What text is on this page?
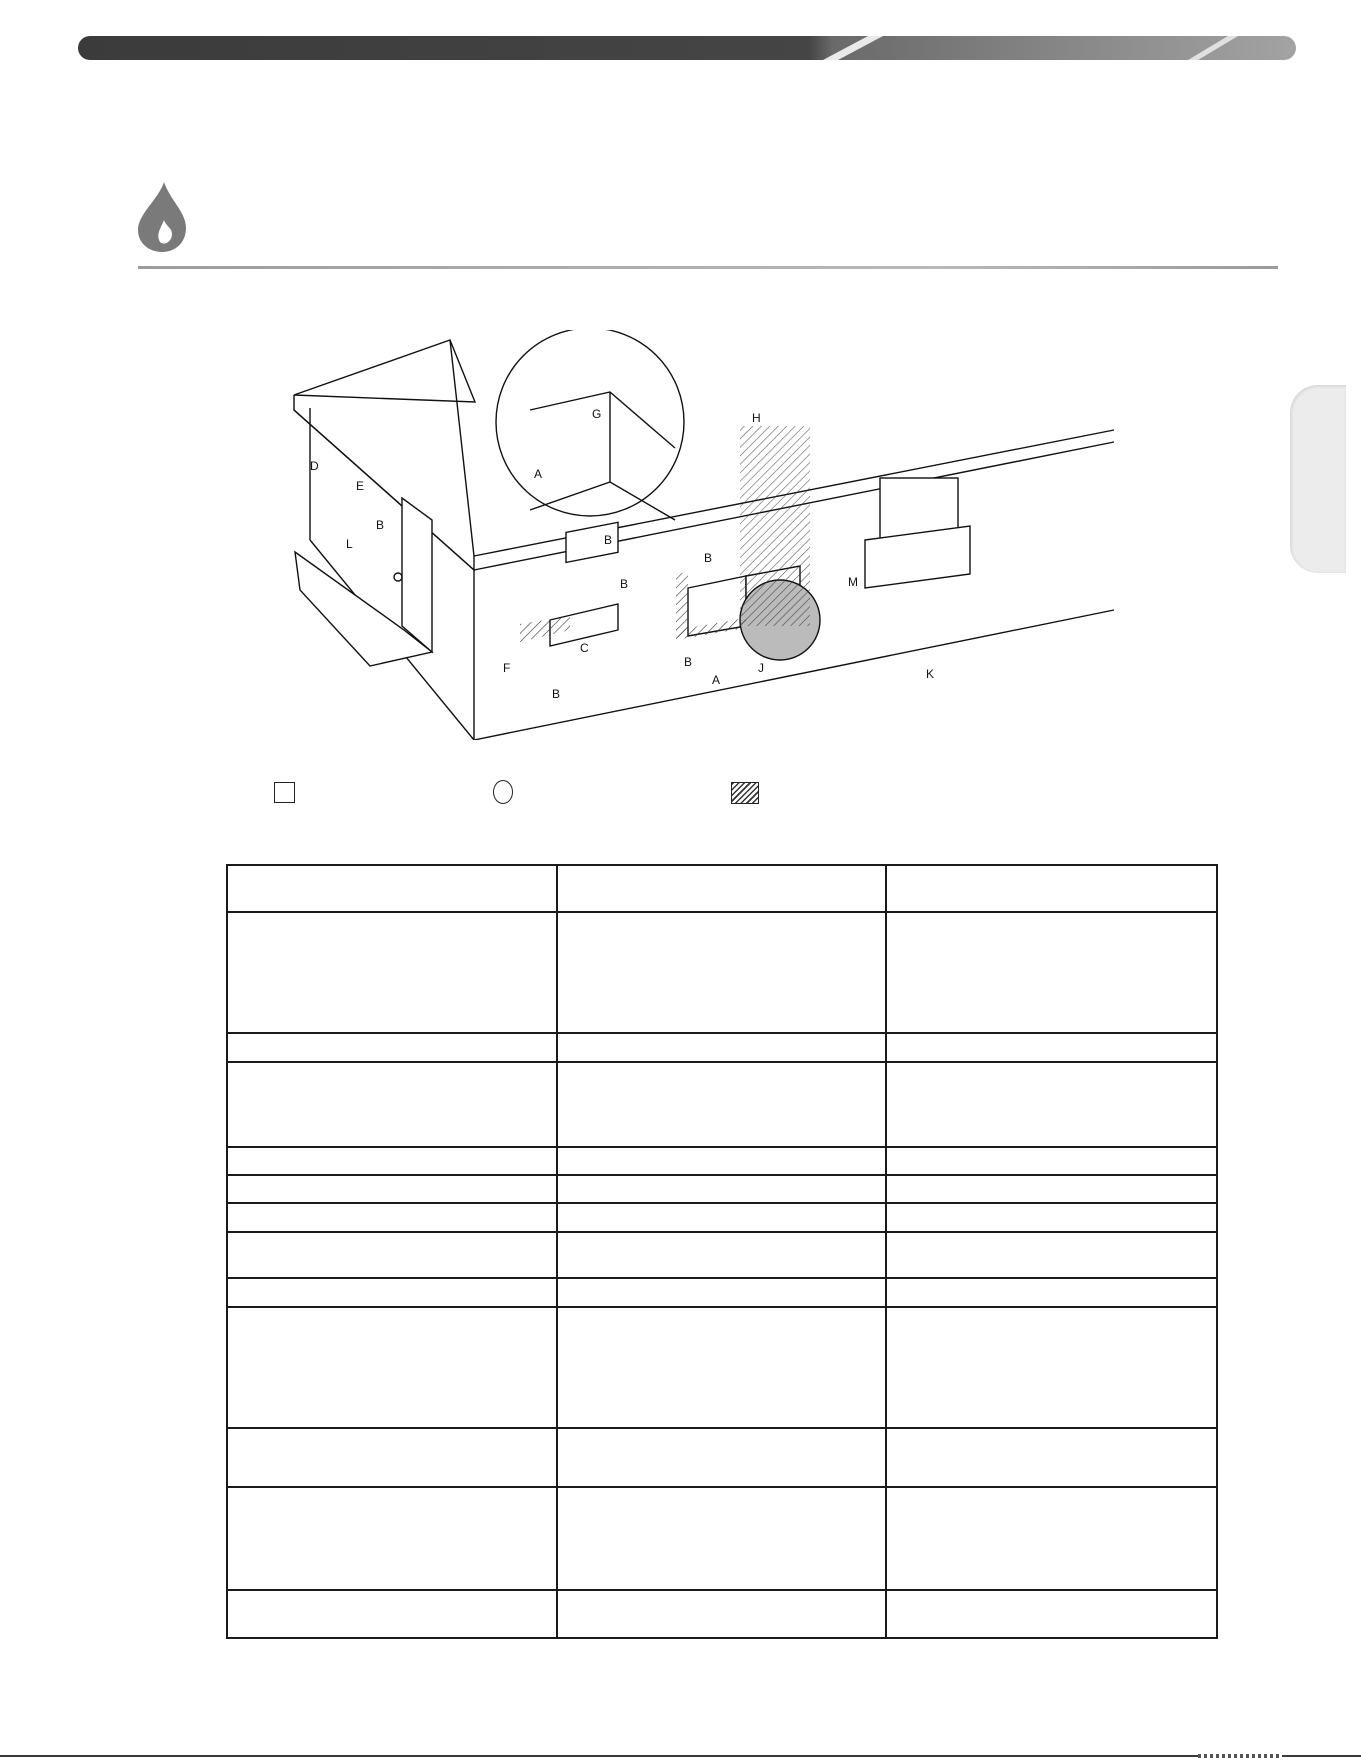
D
E
B
L
G
A
H
C
B
B
B
F
B
B
A
J
M
K
